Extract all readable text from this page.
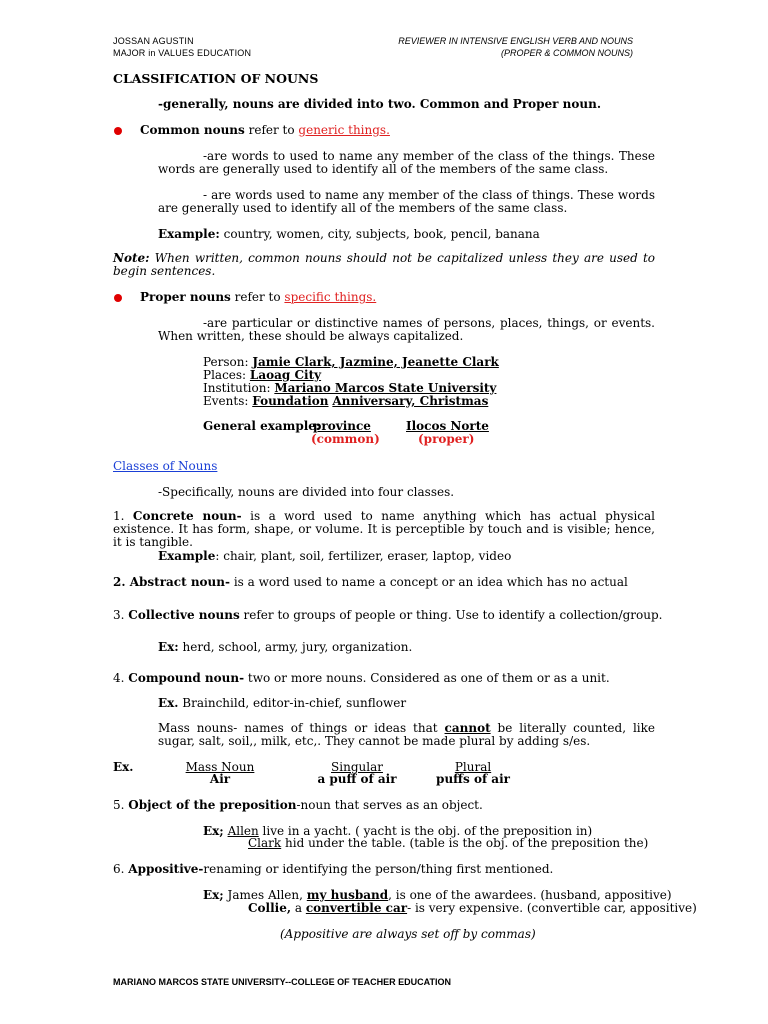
JOSSAN AGUSTIN
MAJOR in VALUES EDUCATION
REVIEWER IN INTENSIVE ENGLISH VERB AND NOUNS
(PROPER & COMMON NOUNS)
CLASSIFICATION OF NOUNS
-generally, nouns are divided into two. Common and Proper noun.
Common nouns refer to generic things.
-are words to used to name any member of the class of the things. These words are generally used to identify all of the members of the same class.
- are words used to name any member of the class of things. These words are generally used to identify all of the members of the same class.
Example: country, women, city, subjects, book, pencil, banana
Note: When written, common nouns should not be capitalized unless they are used to begin sentences.
Proper nouns refer to specific things.
-are particular or distinctive names of persons, places, things, or events. When written, these should be always capitalized.
Person: Jamie Clark, Jazmine, Jeanette Clark
Places: Laoag City
Institution: Mariano Marcos State University
Events: Foundation Anniversary, Christmas
General example:
province	Ilocos Norte
(common)	(proper)
Classes of Nouns
-Specifically, nouns are divided into four classes.
1. Concrete noun- is a word used to name anything which has actual physical existence. It has form, shape, or volume. It is perceptible by touch and is visible; hence, it is tangible.
Example: chair, plant, soil, fertilizer, eraser, laptop, video
2. Abstract noun- is a word used to name a concept or an idea which has no actual
3. Collective nouns refer to groups of people or thing. Use to identify a collection/group.
Ex: herd, school, army, jury, organization.
4. Compound noun- two or more nouns. Considered as one of them or as a unit.
Ex. Brainchild, editor-in-chief, sunflower
Mass nouns- names of things or ideas that cannot be literally counted, like sugar, salt, soil,, milk, etc,. They cannot be made plural by adding s/es.
Ex.	Mass Noun	Singular	Plural
Air	a puff of air	puffs of air
5. Object of the preposition-noun that serves as an object.
Ex; Allen live in a yacht. ( yacht is the obj. of the preposition in)
Clark hid under the table. (table is the obj. of the preposition the)
6. Appositive-renaming or identifying the person/thing first mentioned.
Ex; James Allen, my husband, is one of the awardees. (husband, appositive)
Collie, a convertible car- is very expensive. (convertible car, appositive)
(Appositive are always set off by commas)
MARIANO MARCOS STATE UNIVERSITY--COLLEGE OF TEACHER EDUCATION
